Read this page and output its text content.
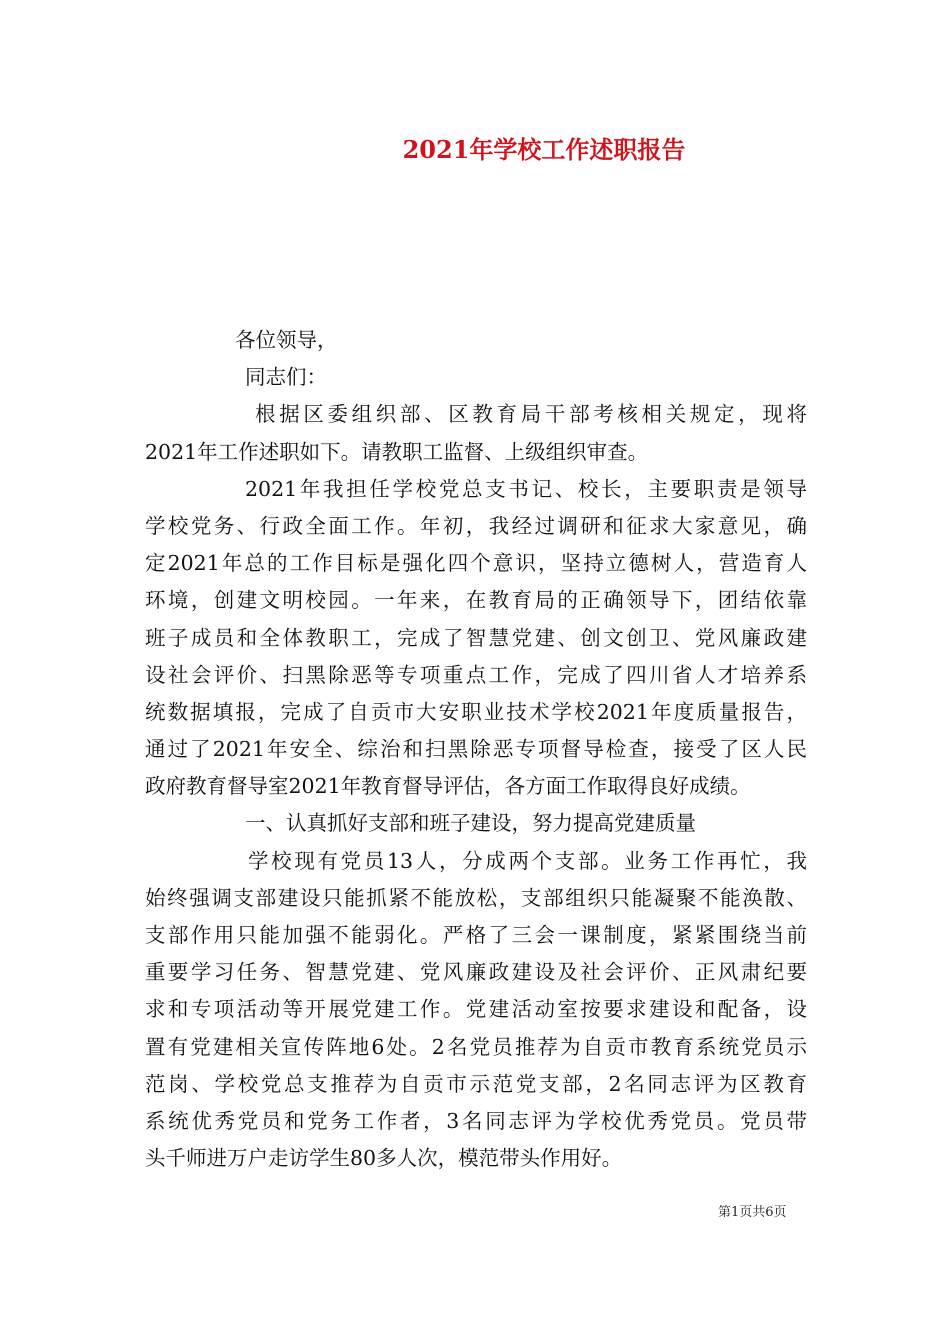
2021年学校工作述职报告
各位领导，
同志们：
根据区委组织部、区教育局干部考核相关规定，现将
2021年工作述职如下。请教职工监督、上级组织审查。
2021年我担任学校党总支书记、校长，主要职责是领导
学校党务、行政全面工作。年初，我经过调研和征求大家意见，确
定2021年总的工作目标是强化四个意识，坚持立德树人，营造育人
环境，创建文明校园。一年来，在教育局的正确领导下，团结依靠
班子成员和全体教职工，完成了智慧党建、创文创卫、党风廉政建
设社会评价、扫黑除恶等专项重点工作，完成了四川省人才培养系
统数据填报，完成了自贡市大安职业技术学校2021年度质量报告，
通过了2021年安全、综治和扫黑除恶专项督导检查，接受了区人民
政府教育督导室2021年教育督导评估，各方面工作取得良好成绩。
一、认真抓好支部和班子建设，努力提高党建质量
学校现有党员13人，分成两个支部。业务工作再忙，我
始终强调支部建设只能抓紧不能放松，支部组织只能凝聚不能涣散、
支部作用只能加强不能弱化。严格了三会一课制度，紧紧围绕当前
重要学习任务、智慧党建、党风廉政建设及社会评价、正风肃纪要
求和专项活动等开展党建工作。党建活动室按要求建设和配备，设
置有党建相关宣传阵地6处。2名党员推荐为自贡市教育系统党员示
范岗、学校党总支推荐为自贡市示范党支部，2名同志评为区教育
系统优秀党员和党务工作者，3名同志评为学校优秀党员。党员带
头千师进万户走访学生80多人次，模范带头作用好。
第1页共6页
